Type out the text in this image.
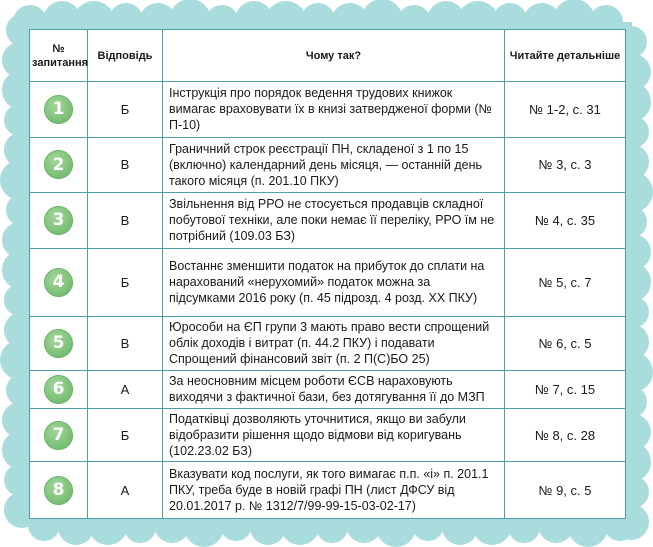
№ запитання	Відповідь	Чому так?	Читайте детальніше
1	Б	Інструкція про порядок ведення трудових книжок вимагає враховувати їх в книзі затвердженої форми (№ П-10)	№ 1-2, с. 31
2	В	Граничний строк реєстрації ПН, складеної з 1 по 15 (включно) календарний день місяця, — останній день такого місяця (п. 201.10 ПКУ)	№ 3, с. 3
3	В	Звільнення від РРО не стосується продавців складної побутової техніки, але поки немає її переліку, РРО їм не потрібний (109.03 БЗ)	№ 4, с. 35
4	Б	Востаннє зменшити податок на прибуток до сплати на нарахований «нерухомий» податок можна за підсумками 2016 року (п. 45 підрозд. 4 розд. ХХ ПКУ)	№ 5, с. 7
5	В	Юрособи на ЄП групи 3 мають право вести спрощений облік доходів і витрат (п. 44.2 ПКУ) і подавати Спрощений фінансовий звіт (п. 2 П(С)БО 25)	№ 6, с. 5
6	А	За неосновним місцем роботи ЄСВ нараховують виходячи з фактичної бази, без дотягування її до МЗП	№ 7, с. 15
7	Б	Податківці дозволяють уточнитися, якщо ви забули відобразити рішення щодо відмови від коригувань (102.23.02 БЗ)	№ 8, с. 28
8	А	Вказувати код послуги, як того вимагає п.п. «і» п. 201.1 ПКУ, треба буде в новій графі ПН (лист ДФСУ від 20.01.2017 р. № 1312/7/99-99-15-03-02-17)	№ 9, с. 5
